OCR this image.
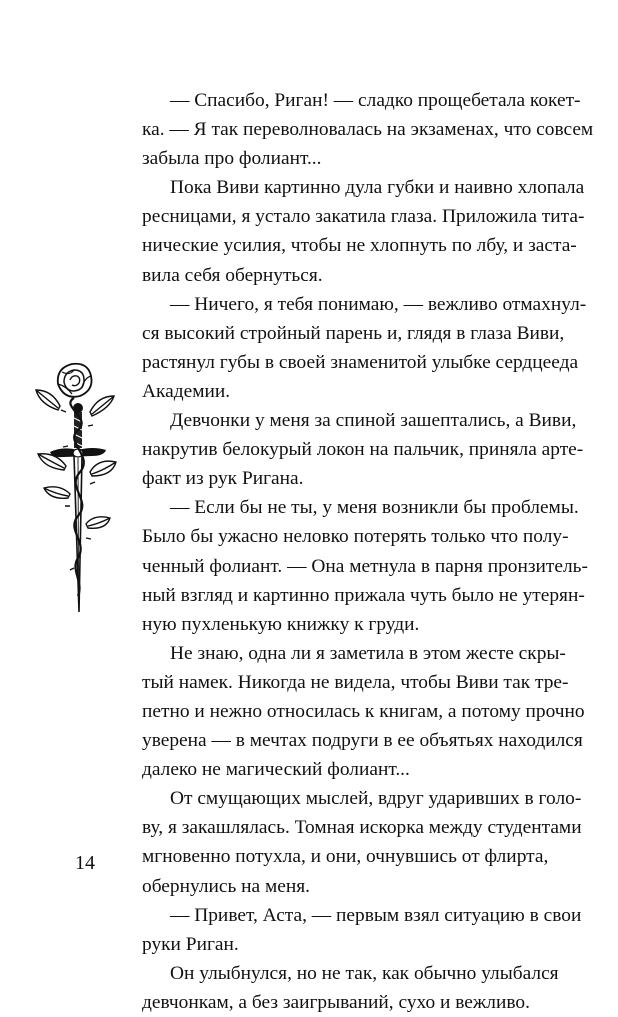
— Спасибо, Риган! — сладко прощебетала кокет-
ка. — Я так переволновалась на экзаменах, что совсем
забыла про фолиант...
Пока Виви картинно дула губки и наивно хлопала
ресницами, я устало закатила глаза. Приложила тита-
нические усилия, чтобы не хлопнуть по лбу, и заста-
вила себя обернуться.
— Ничего, я тебя понимаю, — вежливо отмахнул-
ся высокий стройный парень и, глядя в глаза Виви,
растянул губы в своей знаменитой улыбке сердцееда
Академии.
Девчонки у меня за спиной зашептались, а Виви,
накрутив белокурый локон на пальчик, приняла арте-
факт из рук Ригана.
— Если бы не ты, у меня возникли бы проблемы.
Было бы ужасно неловко потерять только что полу-
ченный фолиант. — Она метнула в парня пронзитель-
ный взгляд и картинно прижала чуть было не утерян-
ную пухленькую книжку к груди.
Не знаю, одна ли я заметила в этом жесте скры-
тый намек. Никогда не видела, чтобы Виви так тре-
петно и нежно относилась к книгам, а потому прочно
уверена — в мечтах подруги в ее объятьях находился
далеко не магический фолиант...
От смущающих мыслей, вдруг ударивших в голо-
ву, я закашлялась. Томная искорка между студентами
мгновенно потухла, и они, очнувшись от флирта,
обернулись на меня.
— Привет, Аста, — первым взял ситуацию в свои
руки Риган.
Он улыбнулся, но не так, как обычно улыбался
девчонкам, а без заигрываний, сухо и вежливо.
14
